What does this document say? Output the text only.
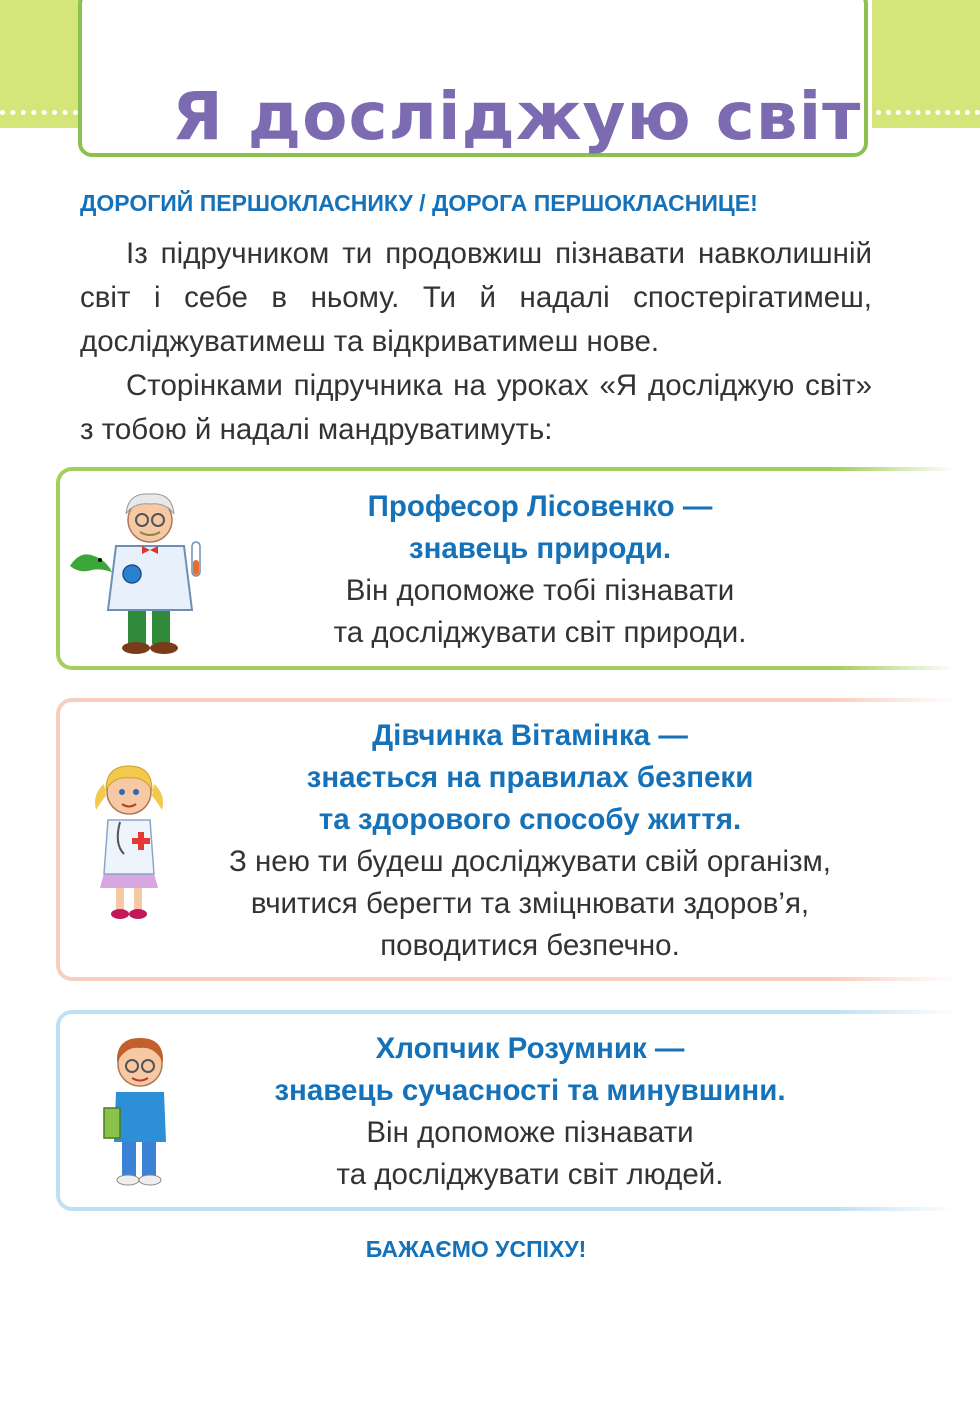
Я досліджую світ

ДОРОГИЙ ПЕРШОКЛАСНИКУ / ДОРОГА ПЕРШОКЛАСНИЦЕ!

Із підручником ти продовжиш пізнавати навколишній світ і себе в ньому. Ти й надалі спостерігатимеш, досліджуватимеш та відкриватимеш нове.

Сторінками підручника на уроках «Я досліджую світ» з тобою й надалі мандруватимуть:

Професор Лісовенко —
знавець природи.
Він допоможе тобі пізнавати
та досліджувати світ природи.
Дівчинка Вітамінка —
знається на правилах безпеки
та здорового способу життя.
З нею ти будеш досліджувати свій організм,
вчитися берегти та зміцнювати здоров’я,
поводитися безпечно.
Хлопчик Розумник —
знавець сучасності та минувшини.
Він допоможе пізнавати
та досліджувати світ людей.

БАЖАЄМО УСПІХУ!
